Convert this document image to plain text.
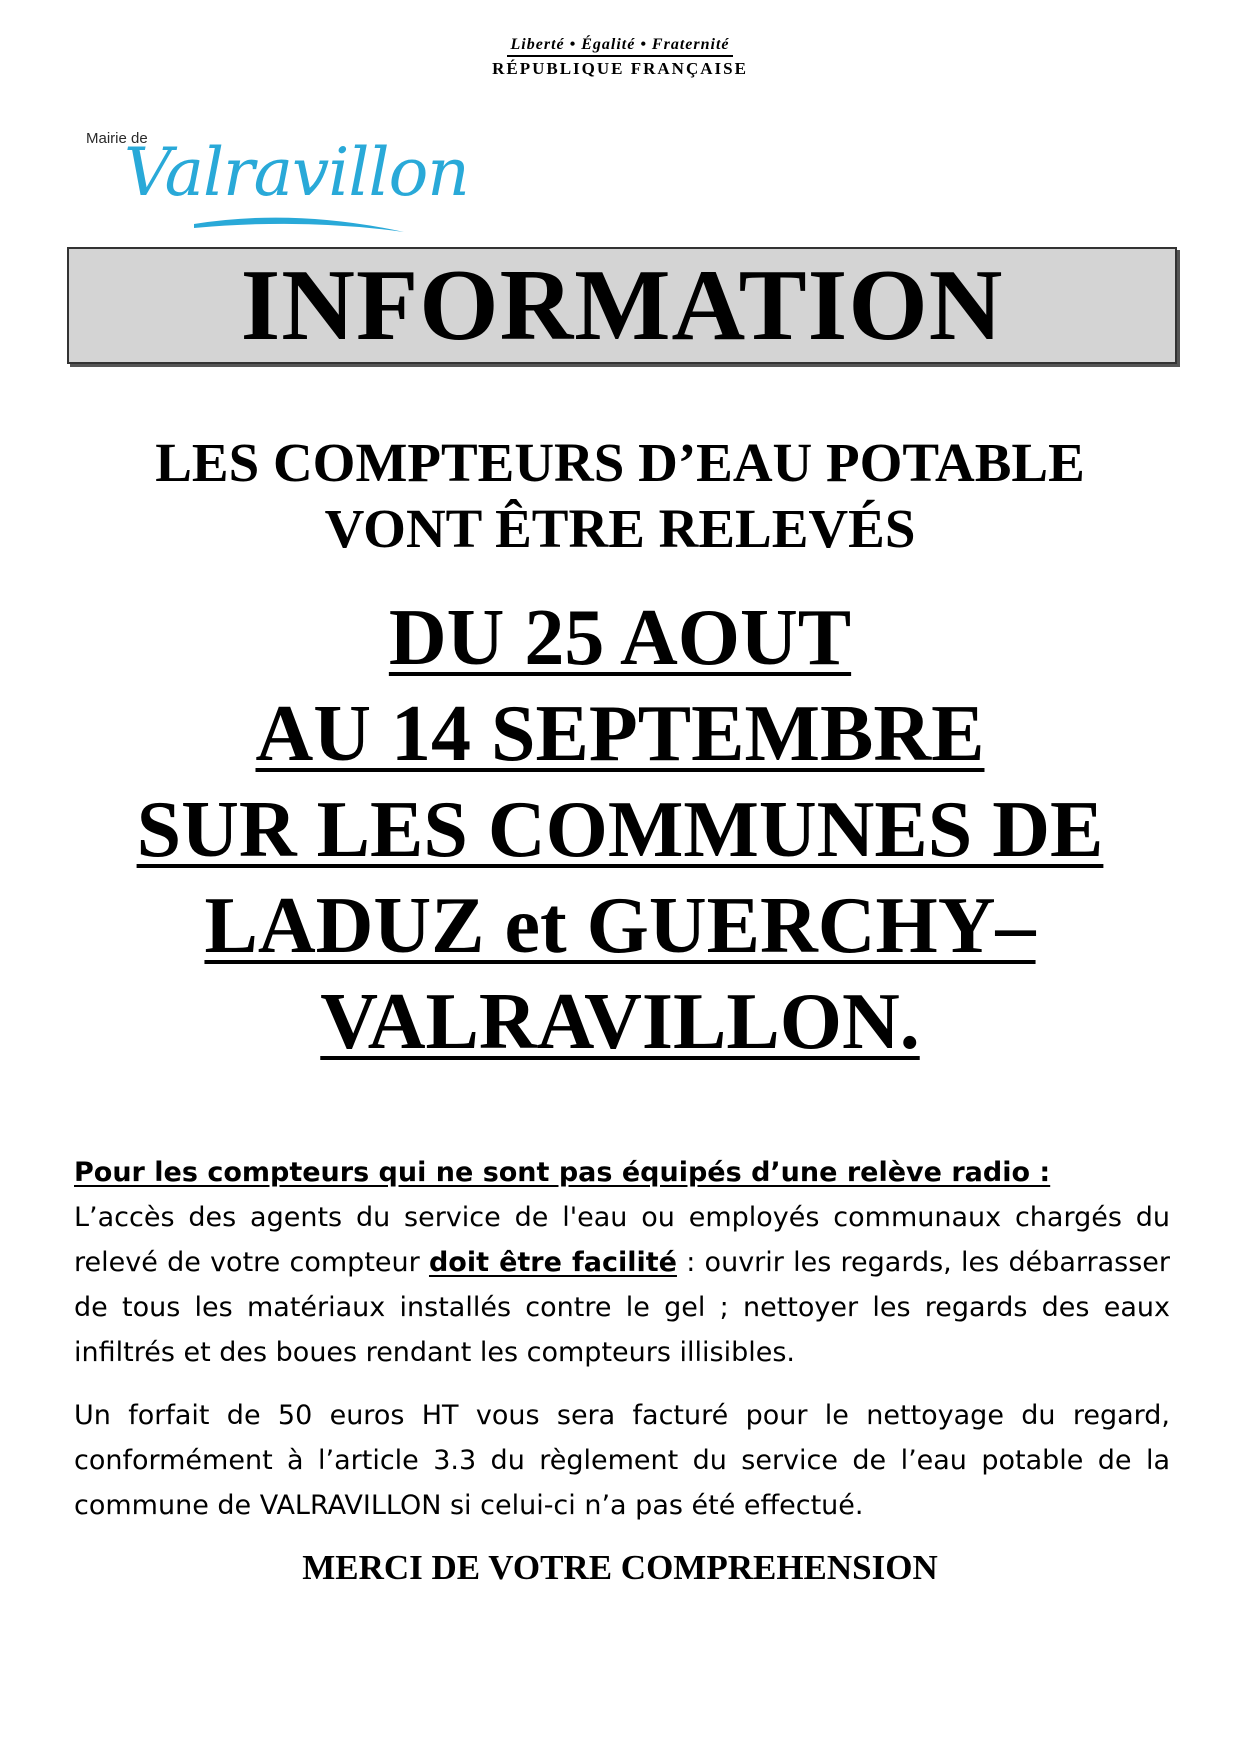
Liberté • Égalité • Fraternité
RÉPUBLIQUE FRANÇAISE
Mairie de
Valravillon
INFORMATION
LES COMPTEURS D’EAU POTABLE
VONT ÊTRE RELEVÉS
DU 25 AOUT
AU 14 SEPTEMBRE
SUR LES COMMUNES DE
LADUZ et GUERCHY–
VALRAVILLON.

Pour les compteurs qui ne sont pas équipés d’une relève radio :

L’accès des agents du service de l'eau ou employés communaux chargés du relevé de votre compteur doit être facilité : ouvrir les regards, les débarrasser de tous les matériaux installés contre le gel ; nettoyer les regards des eaux infiltrés et des boues rendant les compteurs illisibles.

Un forfait de 50 euros HT vous sera facturé pour le nettoyage du regard, conformément à l’article 3.3 du règlement du service de l’eau potable de la commune de VALRAVILLON si celui-ci n’a pas été effectué.

MERCI DE VOTRE COMPREHENSION
